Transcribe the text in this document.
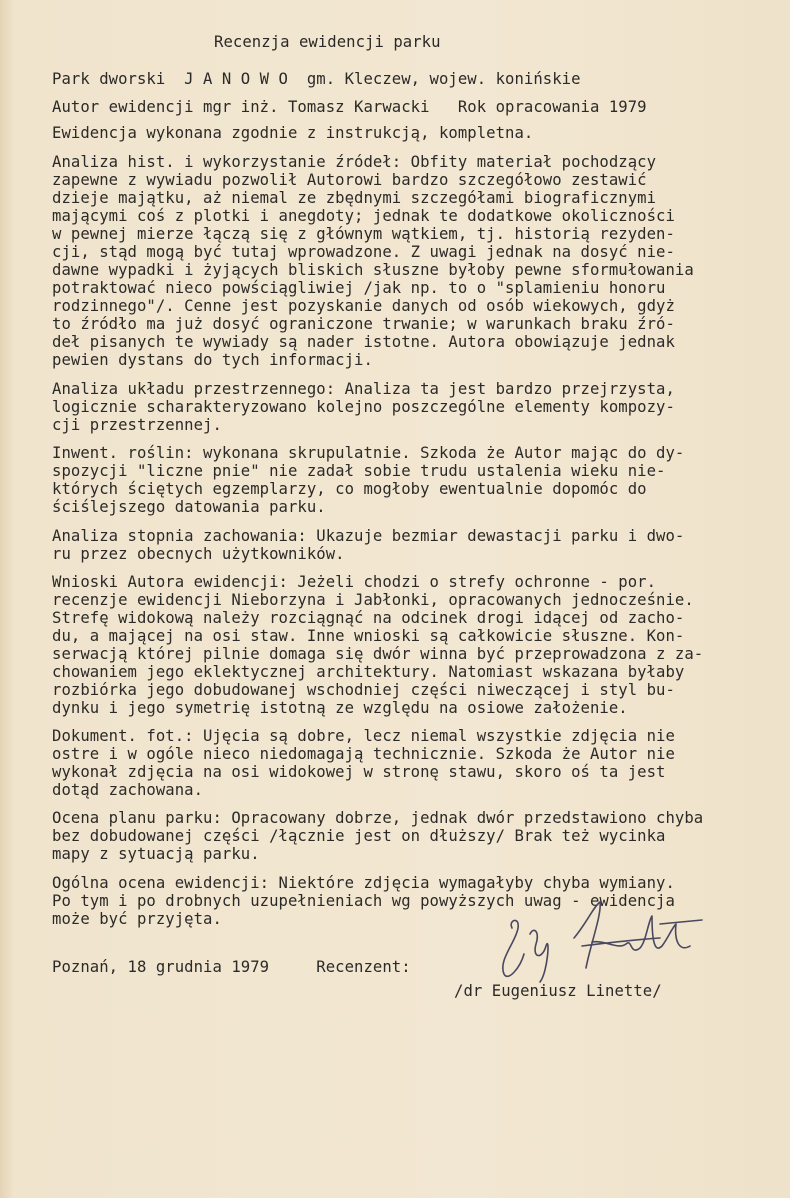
Recenzja ewidencji parku
Park dworski  J A N O W O  gm. Kleczew, wojew. konińskie
Autor ewidencji mgr inż. Tomasz Karwacki   Rok opracowania 1979
Ewidencja wykonana zgodnie z instrukcją, kompletna.
Analiza hist. i wykorzystanie źródeł: Obfity materiał pochodzący
zapewne z wywiadu pozwolił Autorowi bardzo szczegółowo zestawić
dzieje majątku, aż niemal ze zbędnymi szczegółami biograficznymi
mającymi coś z plotki i anegdoty; jednak te dodatkowe okoliczności
w pewnej mierze łączą się z głównym wątkiem, tj. historią rezyden-
cji, stąd mogą być tutaj wprowadzone. Z uwagi jednak na dosyć nie-
dawne wypadki i żyjących bliskich słuszne byłoby pewne sformułowania
potraktować nieco powściągliwiej /jak np. to o "splamieniu honoru
rodzinnego"/. Cenne jest pozyskanie danych od osób wiekowych, gdyż
to źródło ma już dosyć ograniczone trwanie; w warunkach braku źró-
deł pisanych te wywiady są nader istotne. Autora obowiązuje jednak
pewien dystans do tych informacji.
Analiza układu przestrzennego: Analiza ta jest bardzo przejrzysta,
logicznie scharakteryzowano kolejno poszczególne elementy kompozy-
cji przestrzennej.
Inwent. roślin: wykonana skrupulatnie. Szkoda że Autor mając do dy-
spozycji "liczne pnie" nie zadał sobie trudu ustalenia wieku nie-
których ściętych egzemplarzy, co mogłoby ewentualnie dopomóc do
ściślejszego datowania parku.
Analiza stopnia zachowania: Ukazuje bezmiar dewastacji parku i dwo-
ru przez obecnych użytkowników.
Wnioski Autora ewidencji: Jeżeli chodzi o strefy ochronne - por.
recenzje ewidencji Nieborzyna i Jabłonki, opracowanych jednocześnie.
Strefę widokową należy rozciągnąć na odcinek drogi idącej od zacho-
du, a mającej na osi staw. Inne wnioski są całkowicie słuszne. Kon-
serwacją której pilnie domaga się dwór winna być przeprowadzona z za-
chowaniem jego eklektycznej architektury. Natomiast wskazana byłaby
rozbiórka jego dobudowanej wschodniej części niweczącej i styl bu-
dynku i jego symetrię istotną ze względu na osiowe założenie.
Dokument. fot.: Ujęcia są dobre, lecz niemal wszystkie zdjęcia nie
ostre i w ogóle nieco niedomagają technicznie. Szkoda że Autor nie
wykonał zdjęcia na osi widokowej w stronę stawu, skoro oś ta jest
dotąd zachowana.
Ocena planu parku: Opracowany dobrze, jednak dwór przedstawiono chyba
bez dobudowanej części /łącznie jest on dłuższy/ Brak też wycinka
mapy z sytuacją parku.
Ogólna ocena ewidencji: Niektóre zdjęcia wymagałyby chyba wymiany.
Po tym i po drobnych uzupełnieniach wg powyższych uwag - ewidencja
może być przyjęta.
Poznań, 18 grudnia 1979     Recenzent:
/dr Eugeniusz Linette/
